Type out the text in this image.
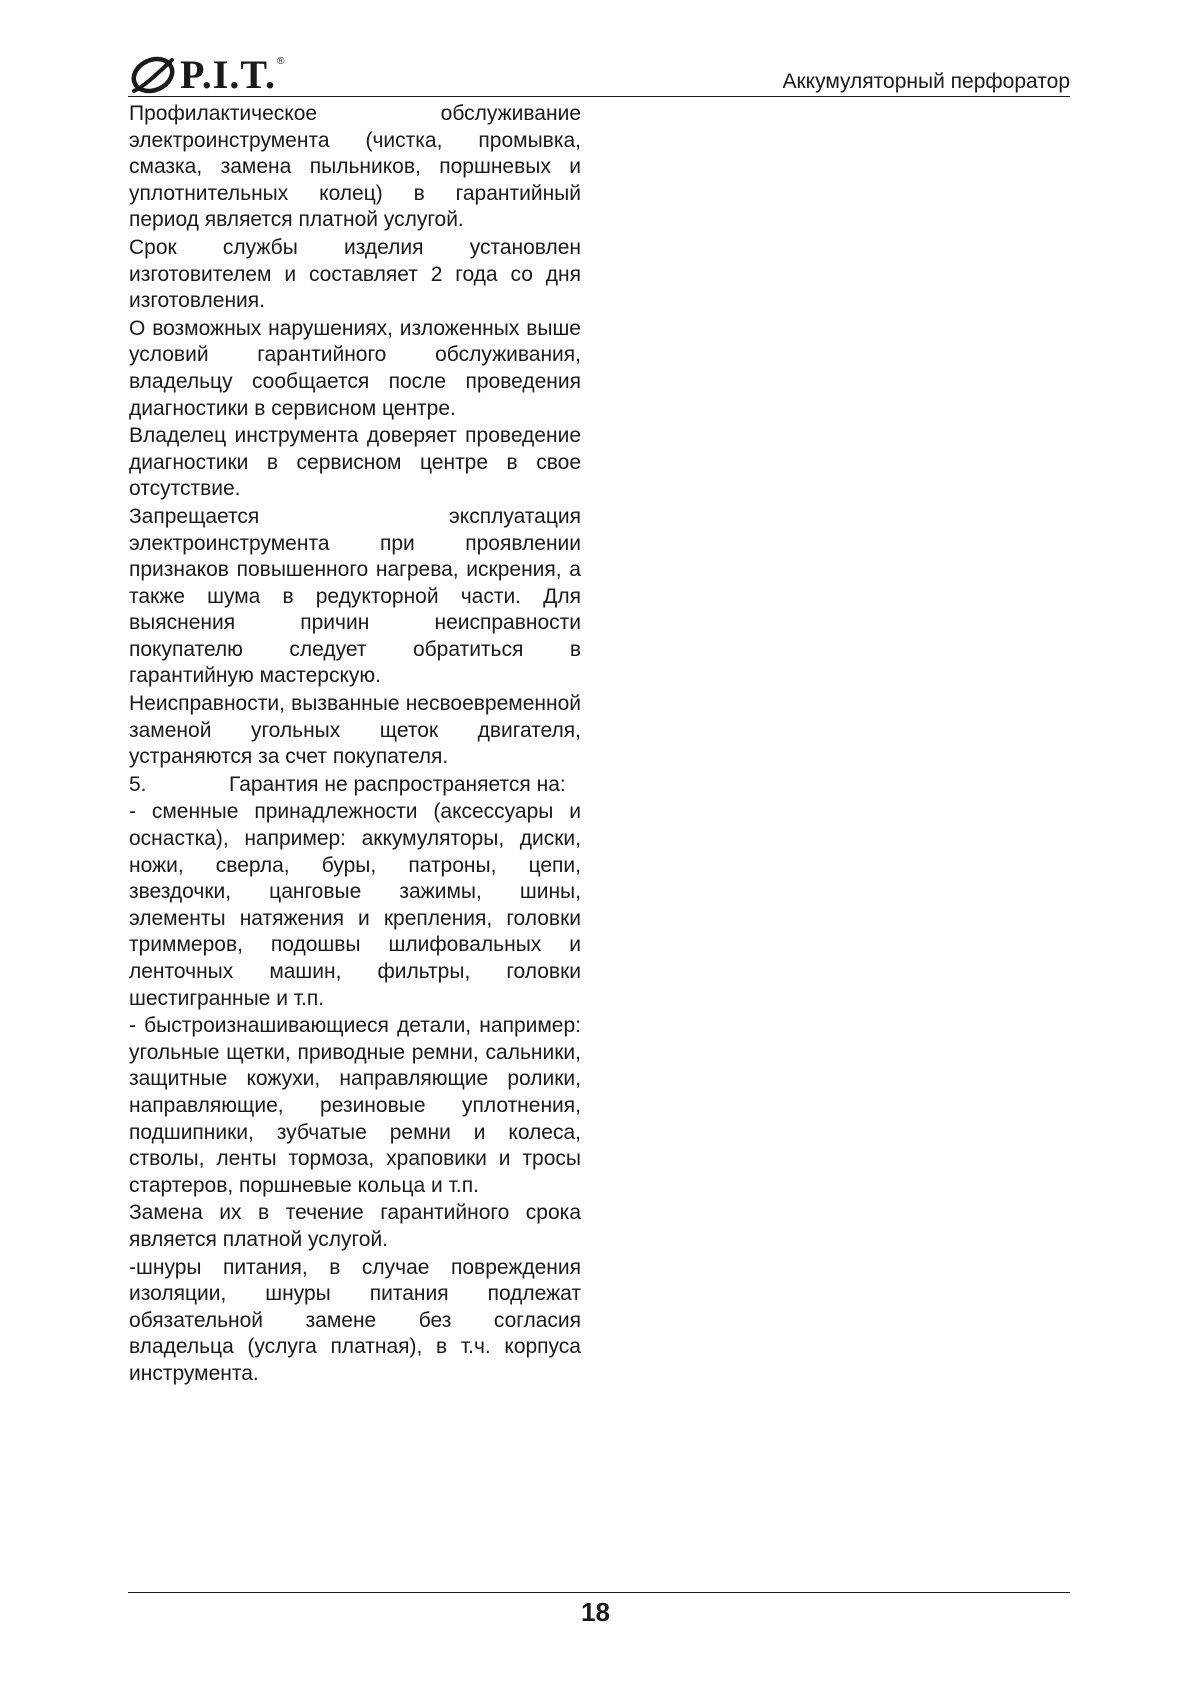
P.I.T. ®
Аккумуляторный перфоратор

Профилактическое обслуживание электроинструмента (чистка, промывка, смазка, замена пыльников, поршневых и уплотнительных колец) в гарантийный период является платной услугой.

Срок службы изделия установлен изготовителем и составляет 2 года со дня изготовления.

О возможных нарушениях, изложенных выше условий гарантийного обслуживания, владельцу сообщается после проведения диагностики в сервисном центре.

Владелец инструмента доверяет проведение диагностики в сервисном центре в свое отсутствие.

Запрещается эксплуатация электроинструмента при проявлении признаков повышенного нагрева, искрения, а также шума в редукторной части. Для выяснения причин неисправности покупателю следует обратиться в гарантийную мастерскую.

Неисправности, вызванные несвоевременной заменой угольных щеток двигателя, устраняются за счет покупателя.

5.	Гарантия не распространяется на:

- сменные принадлежности (аксессуары и оснастка), например: аккумуляторы, диски, ножи, сверла, буры, патроны, цепи, звездочки, цанговые зажимы, шины, элементы натяжения и крепления, головки триммеров, подошвы шлифовальных и ленточных машин, фильтры, головки шестигранные и т.п.

- быстроизнашивающиеся детали, например: угольные щетки, приводные ремни, сальники, защитные кожухи, направляющие ролики, направляющие, резиновые уплотнения, подшипники, зубчатые ремни и колеса, стволы, ленты тормоза, храповики и тросы стартеров, поршневые кольца и т.п.

Замена их в течение гарантийного срока является платной услугой.

-шнуры питания, в случае повреждения изоляции, шнуры питания подлежат обязательной замене без согласия владельца (услуга платная), в т.ч. корпуса инструмента.

18
